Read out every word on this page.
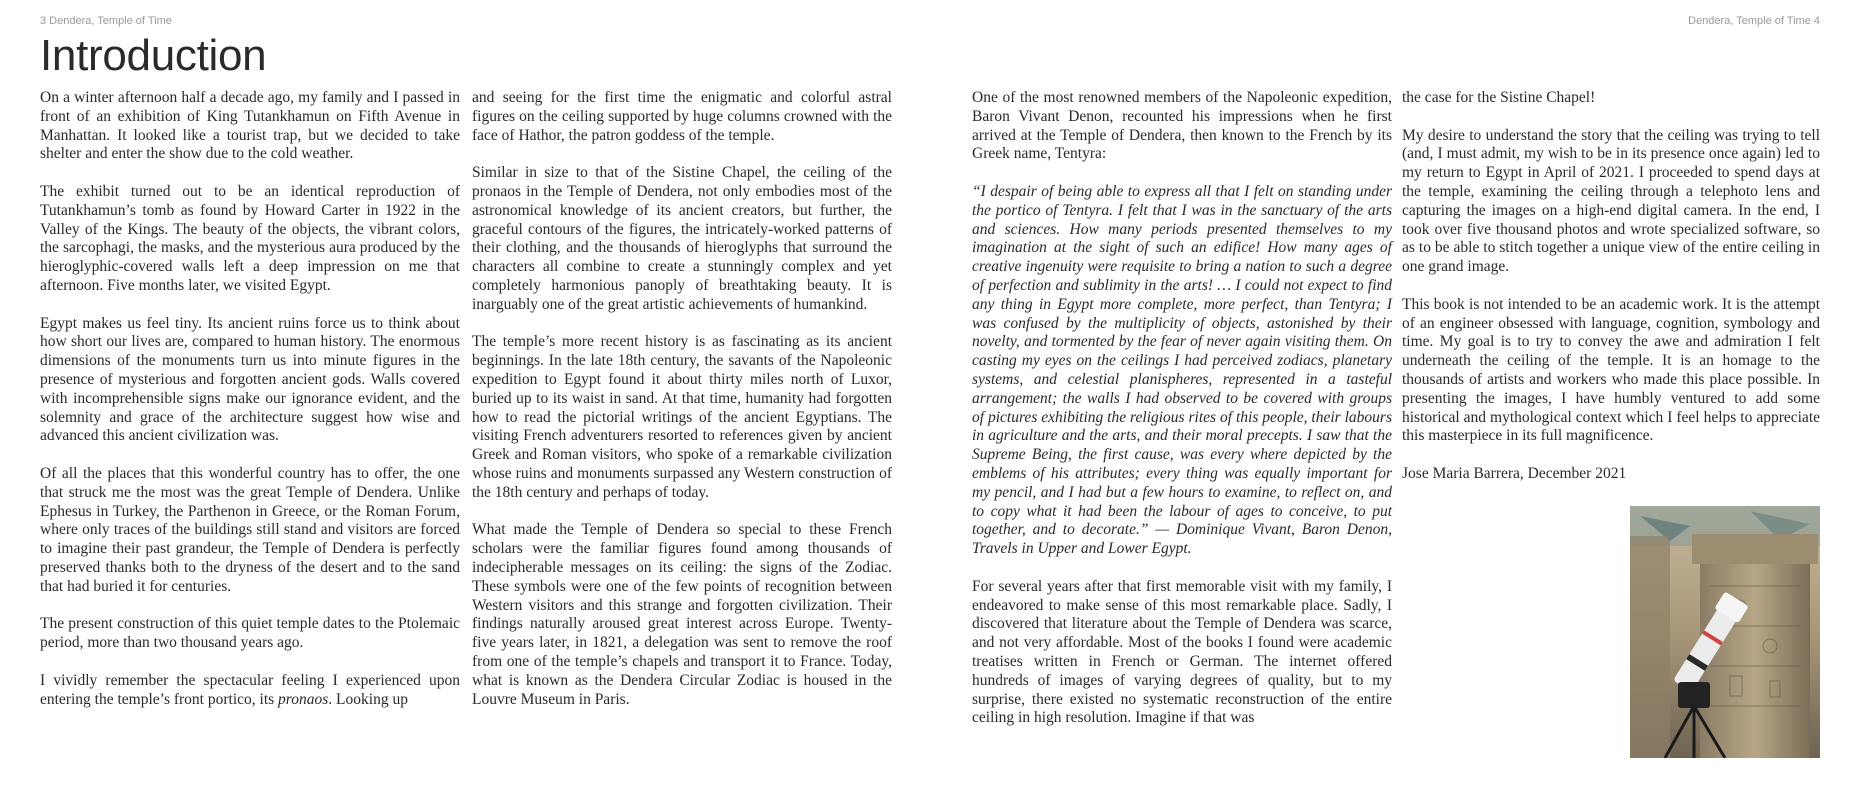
3 Dendera, Temple of Time	Dendera, Temple of Time 4
Introduction

On a winter afternoon half a decade ago, my family and I passed in front of an exhibition of King Tutankhamun on Fifth Avenue in Manhattan. It looked like a tourist trap, but we decided to take shelter and enter the show due to the cold weather.

The exhibit turned out to be an identical reproduction of Tutankhamun’s tomb as found by Howard Carter in 1922 in the Valley of the Kings. The beauty of the objects, the vibrant colors, the sarcophagi, the masks, and the mysterious aura produced by the hieroglyphic-covered walls left a deep impression on me that afternoon. Five months later, we visited Egypt.

Egypt makes us feel tiny. Its ancient ruins force us to think about how short our lives are, compared to human history. The enormous dimensions of the monuments turn us into minute figures in the presence of mysterious and forgotten ancient gods. Walls covered with incomprehensible signs make our ignorance evident, and the solemnity and grace of the architecture suggest how wise and advanced this ancient civilization was.

Of all the places that this wonderful country has to offer, the one that struck me the most was the great Temple of Dendera. Unlike Ephesus in Turkey, the Parthenon in Greece, or the Roman Forum, where only traces of the buildings still stand and visitors are forced to imagine their past grandeur, the Temple of Dendera is perfectly preserved thanks both to the dryness of the desert and to the sand that had buried it for centuries.

The present construction of this quiet temple dates to the Ptolemaic period, more than two thousand years ago.

I vividly remember the spectacular feeling I experienced upon entering the temple’s front portico, its pronaos. Looking up

and seeing for the first time the enigmatic and colorful astral figures on the ceiling supported by huge columns crowned with the face of Hathor, the patron goddess of the temple.

Similar in size to that of the Sistine Chapel, the ceiling of the pronaos in the Temple of Dendera, not only embodies most of the astronomical knowledge of its ancient creators, but further, the graceful contours of the figures, the intricately-worked patterns of their clothing, and the thousands of hieroglyphs that surround the characters all combine to create a stunningly complex and yet completely harmonious panoply of breathtaking beauty. It is inarguably one of the great artistic achievements of humankind.

The temple’s more recent history is as fascinating as its ancient beginnings. In the late 18th century, the savants of the Napoleonic expedition to Egypt found it about thirty miles north of Luxor, buried up to its waist in sand. At that time, humanity had forgotten how to read the pictorial writings of the ancient Egyptians. The visiting French adventurers resorted to references given by ancient Greek and Roman visitors, who spoke of a remarkable civilization whose ruins and monuments surpassed any Western construction of the 18th century and perhaps of today.

What made the Temple of Dendera so special to these French scholars were the familiar figures found among thousands of indecipherable messages on its ceiling: the signs of the Zodiac. These symbols were one of the few points of recognition between Western visitors and this strange and forgotten civilization. Their findings naturally aroused great interest across Europe. Twenty-five years later, in 1821, a delegation was sent to remove the roof from one of the temple’s chapels and transport it to France. Today, what is known as the Dendera Circular Zodiac is housed in the Louvre Museum in Paris.

One of the most renowned members of the Napoleonic expedition, Baron Vivant Denon, recounted his impressions when he first arrived at the Temple of Dendera, then known to the French by its Greek name, Tentyra:

“I despair of being able to express all that I felt on standing under the portico of Tentyra. I felt that I was in the sanctuary of the arts and sciences. How many periods presented themselves to my imagination at the sight of such an edifice! How many ages of creative ingenuity were requisite to bring a nation to such a degree of perfection and sublimity in the arts! … I could not expect to find any thing in Egypt more complete, more perfect, than Tentyra; I was confused by the multiplicity of objects, astonished by their novelty, and tormented by the fear of never again visiting them. On casting my eyes on the ceilings I had perceived zodiacs, planetary systems, and celestial planispheres, represented in a tasteful arrangement; the walls I had observed to be covered with groups of pictures exhibiting the religious rites of this people, their labours in agriculture and the arts, and their moral precepts. I saw that the Supreme Being, the first cause, was every where depicted by the emblems of his attributes; every thing was equally important for my pencil, and I had but a few hours to examine, to reflect on, and to copy what it had been the labour of ages to conceive, to put together, and to decorate.” — Dominique Vivant, Baron Denon, Travels in Upper and Lower Egypt.

For several years after that first memorable visit with my family, I endeavored to make sense of this most remarkable place. Sadly, I discovered that literature about the Temple of Dendera was scarce, and not very affordable. Most of the books I found were academic treatises written in French or German. The internet offered hundreds of images of varying degrees of quality, but to my surprise, there existed no systematic reconstruction of the entire ceiling in high resolution. Imagine if that was

the case for the Sistine Chapel!

My desire to understand the story that the ceiling was trying to tell (and, I must admit, my wish to be in its presence once again) led to my return to Egypt in April of 2021. I proceeded to spend days at the temple, examining the ceiling through a telephoto lens and capturing the images on a high-end digital camera. In the end, I took over five thousand photos and wrote specialized software, so as to be able to stitch together a unique view of the entire ceiling in one grand image.

This book is not intended to be an academic work. It is the attempt of an engineer obsessed with language, cognition, symbology and time. My goal is to try to convey the awe and admiration I felt underneath the ceiling of the temple. It is an homage to the thousands of artists and workers who made this place possible. In presenting the images, I have humbly ventured to add some historical and mythological context which I feel helps to appreciate this masterpiece in its full magnificence.

Jose Maria Barrera, December 2021
